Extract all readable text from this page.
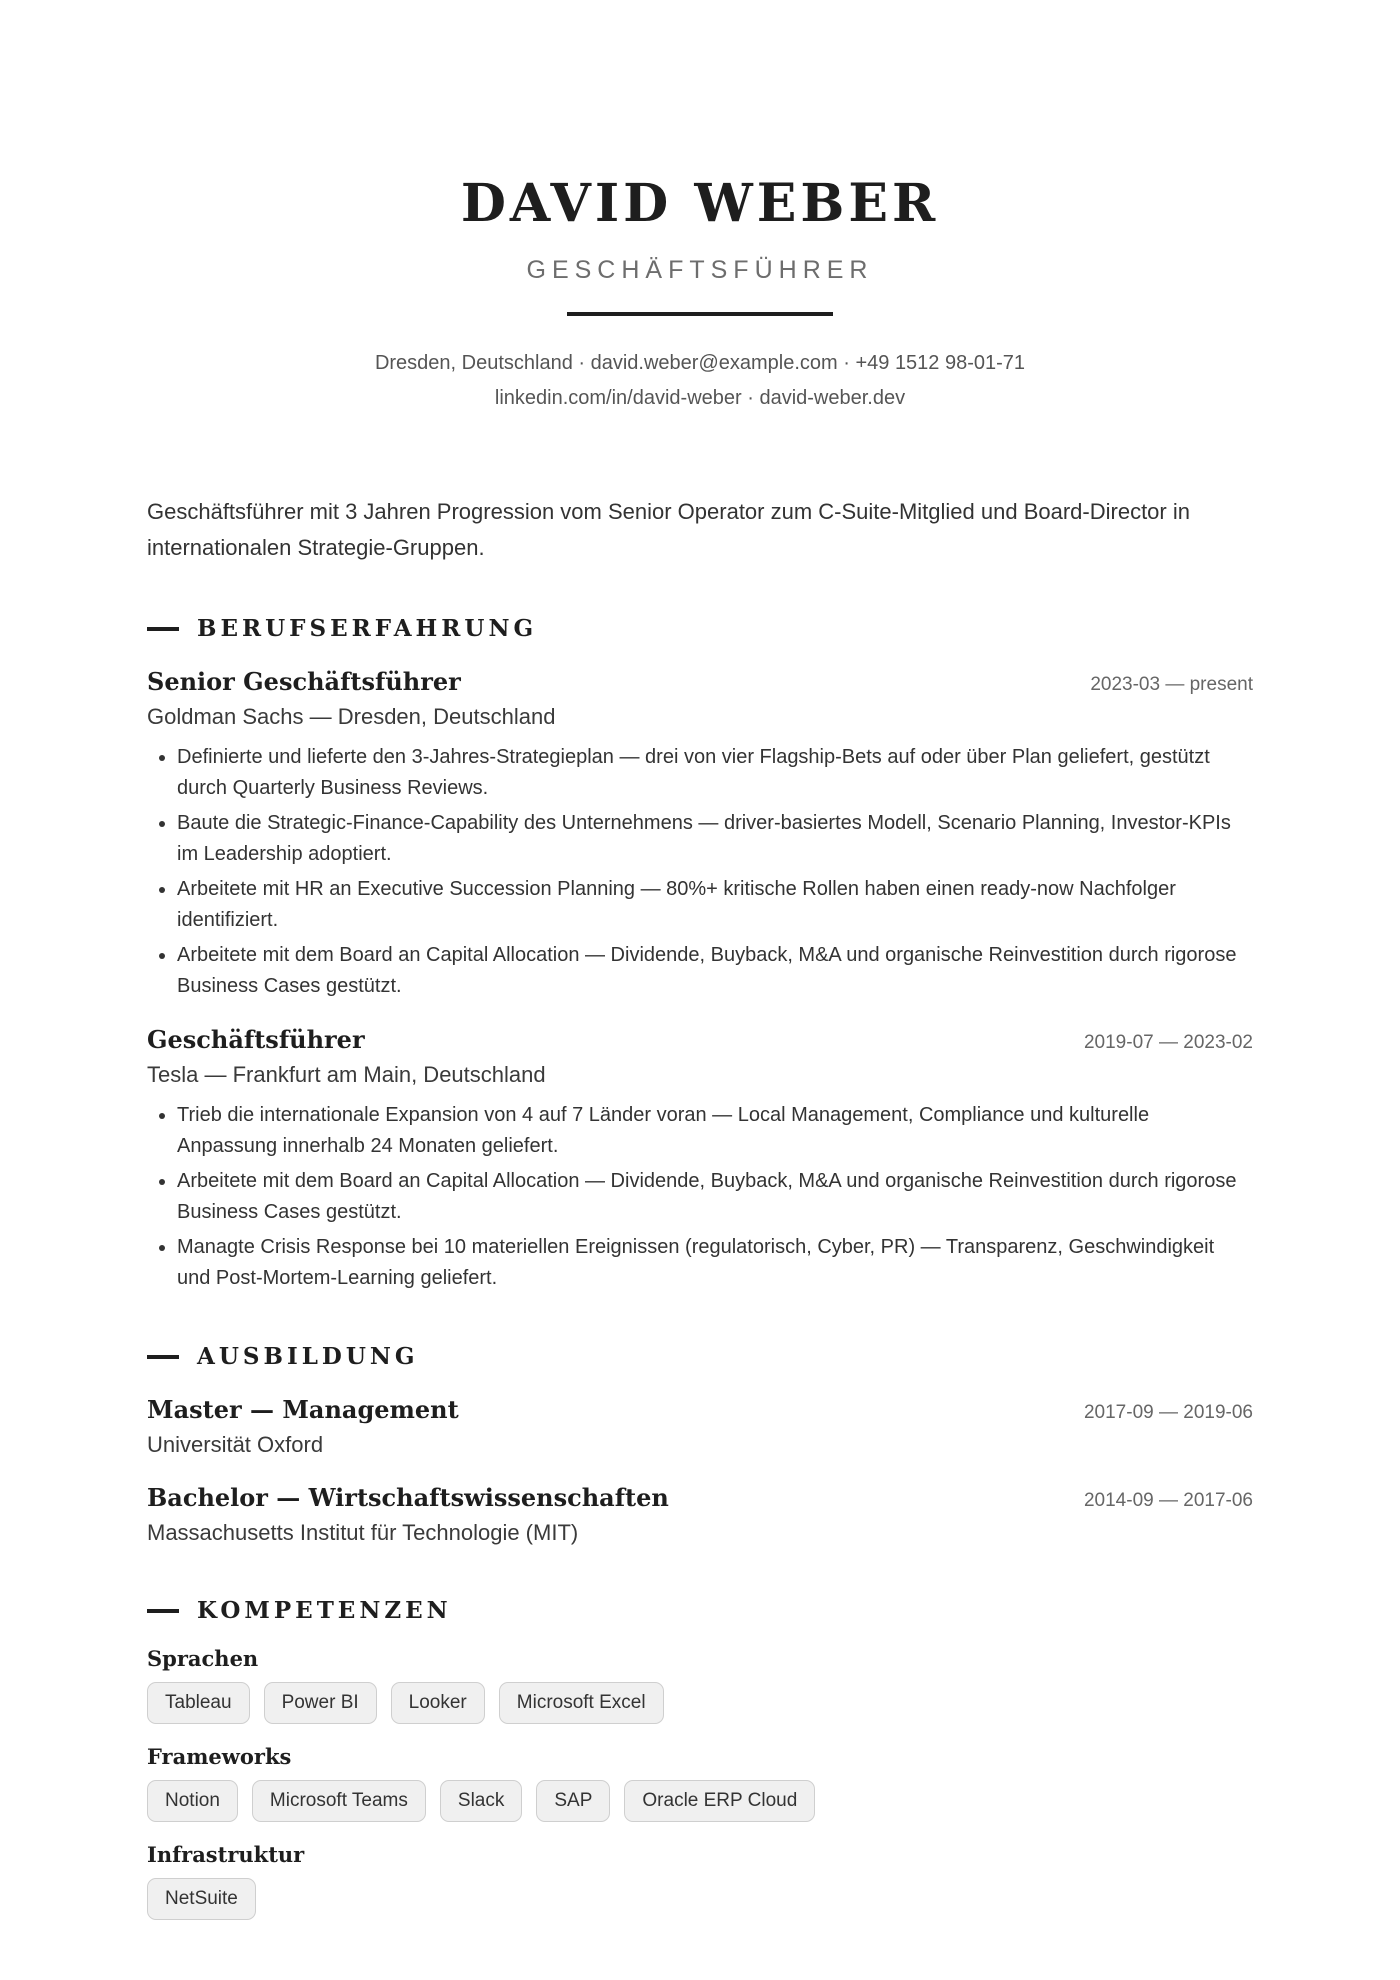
DAVID WEBER
GESCHÄFTSFÜHRER
Dresden, Deutschland · david.weber@example.com · +49 1512 98-01-71
linkedin.com/in/david-weber · david-weber.dev
Geschäftsführer mit 3 Jahren Progression vom Senior Operator zum C-Suite-Mitglied und Board-Director in internationalen Strategie-Gruppen.
BERUFSERFAHRUNG
Senior Geschäftsführer	2023-03 — present
Goldman Sachs — Dresden, Deutschland
• Definierte und lieferte den 3-Jahres-Strategieplan — drei von vier Flagship-Bets auf oder über Plan geliefert, gestützt durch Quarterly Business Reviews.
• Baute die Strategic-Finance-Capability des Unternehmens — driver-basiertes Modell, Scenario Planning, Investor-KPIs im Leadership adoptiert.
• Arbeitete mit HR an Executive Succession Planning — 80%+ kritische Rollen haben einen ready-now Nachfolger identifiziert.
• Arbeitete mit dem Board an Capital Allocation — Dividende, Buyback, M&A und organische Reinvestition durch rigorose Business Cases gestützt.
Geschäftsführer	2019-07 — 2023-02
Tesla — Frankfurt am Main, Deutschland
• Trieb die internationale Expansion von 4 auf 7 Länder voran — Local Management, Compliance und kulturelle Anpassung innerhalb 24 Monaten geliefert.
• Arbeitete mit dem Board an Capital Allocation — Dividende, Buyback, M&A und organische Reinvestition durch rigorose Business Cases gestützt.
• Managte Crisis Response bei 10 materiellen Ereignissen (regulatorisch, Cyber, PR) — Transparenz, Geschwindigkeit und Post-Mortem-Learning geliefert.
AUSBILDUNG
Master — Management	2017-09 — 2019-06
Universität Oxford
Bachelor — Wirtschaftswissenschaften	2014-09 — 2017-06
Massachusetts Institut für Technologie (MIT)
KOMPETENZEN
Sprachen
Tableau	Power BI	Looker	Microsoft Excel
Frameworks
Notion	Microsoft Teams	Slack	SAP	Oracle ERP Cloud
Infrastruktur
NetSuite
